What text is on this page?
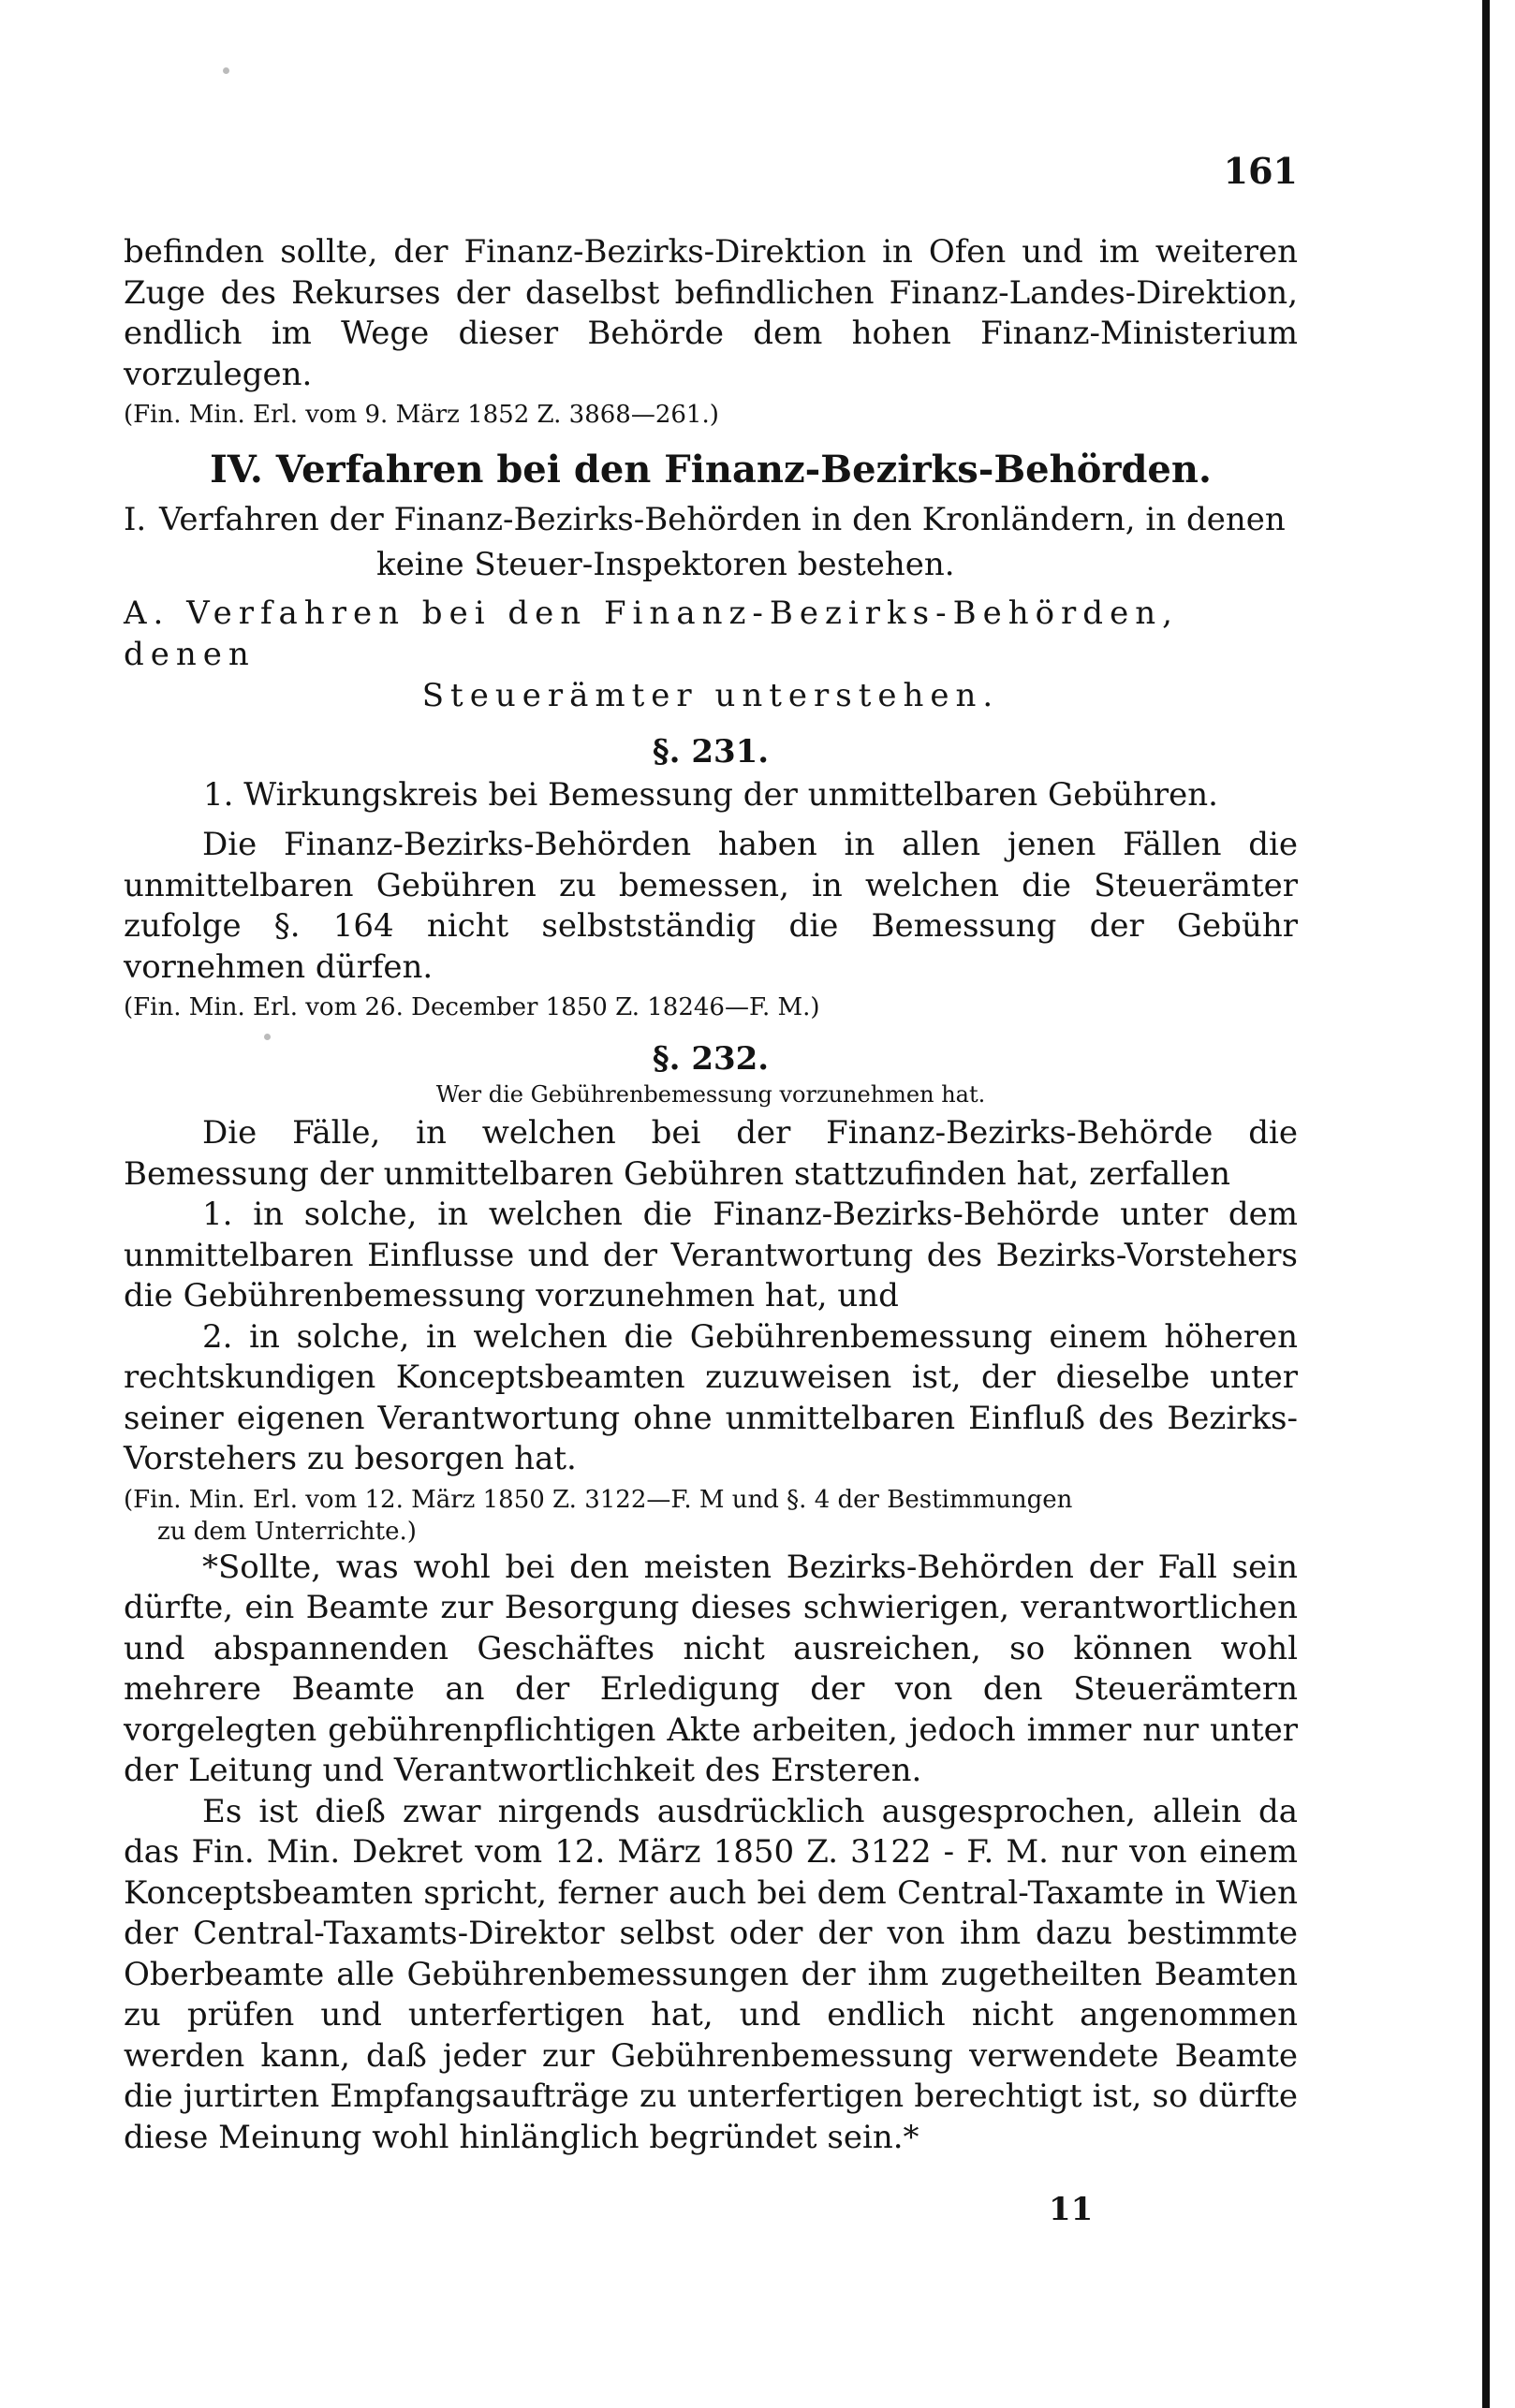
161

befinden sollte, der Finanz-Bezirks-Direktion in Ofen und im weiteren Zuge des Rekurses der daselbst befindlichen Finanz-Landes-Direktion, endlich im Wege dieser Behörde dem hohen Finanz-Ministerium vorzulegen.

(Fin. Min. Erl. vom 9. März 1852 Z. 3868—261.)

IV. Verfahren bei den Finanz-Bezirks-Behörden.

I. Verfahren der Finanz-Bezirks-Behörden in den Kronländern, in denen

keine Steuer-Inspektoren bestehen.

A. Verfahren bei den Finanz-Bezirks-Behörden, denen

Steuerämter unterstehen.

§. 231.

1. Wirkungskreis bei Bemessung der unmittelbaren Gebühren.

Die Finanz-Bezirks-Behörden haben in allen jenen Fällen die unmittelbaren Gebühren zu bemessen, in welchen die Steuerämter zufolge §. 164 nicht selbstständig die Bemessung der Gebühr vornehmen dürfen.

(Fin. Min. Erl. vom 26. December 1850 Z. 18246—F. M.)

§. 232.

Wer die Gebührenbemessung vorzunehmen hat.

Die Fälle, in welchen bei der Finanz-Bezirks-Behörde die Bemessung der unmittelbaren Gebühren stattzufinden hat, zerfallen

1. in solche, in welchen die Finanz-Bezirks-Behörde unter dem unmittelbaren Einflusse und der Verantwortung des Bezirks-Vorstehers die Gebührenbemessung vorzunehmen hat, und

2. in solche, in welchen die Gebührenbemessung einem höheren rechtskundigen Konceptsbeamten zuzuweisen ist, der dieselbe unter seiner eigenen Verantwortung ohne unmittelbaren Einfluß des Bezirks-Vorstehers zu besorgen hat.

(Fin. Min. Erl. vom 12. März 1850 Z. 3122—F. M und §. 4 der Bestimmungen

zu dem Unterrichte.)

*Sollte, was wohl bei den meisten Bezirks-Behörden der Fall sein dürfte, ein Beamte zur Besorgung dieses schwierigen, verantwortlichen und abspannenden Geschäftes nicht ausreichen, so können wohl mehrere Beamte an der Erledigung der von den Steuerämtern vorgelegten gebührenpflichtigen Akte arbeiten, jedoch immer nur unter der Leitung und Verantwortlichkeit des Ersteren.

Es ist dieß zwar nirgends ausdrücklich ausgesprochen, allein da das Fin. Min. Dekret vom 12. März 1850 Z. 3122 - F. M. nur von einem Konceptsbeamten spricht, ferner auch bei dem Central-Taxamte in Wien der Central-Taxamts-Direktor selbst oder der von ihm dazu bestimmte Oberbeamte alle Gebührenbemessungen der ihm zugetheilten Beamten zu prüfen und unterfertigen hat, und endlich nicht angenommen werden kann, daß jeder zur Gebührenbemessung verwendete Beamte die jurtirten Empfangsaufträge zu unterfertigen berechtigt ist, so dürfte diese Meinung wohl hinlänglich begründet sein.*

11
